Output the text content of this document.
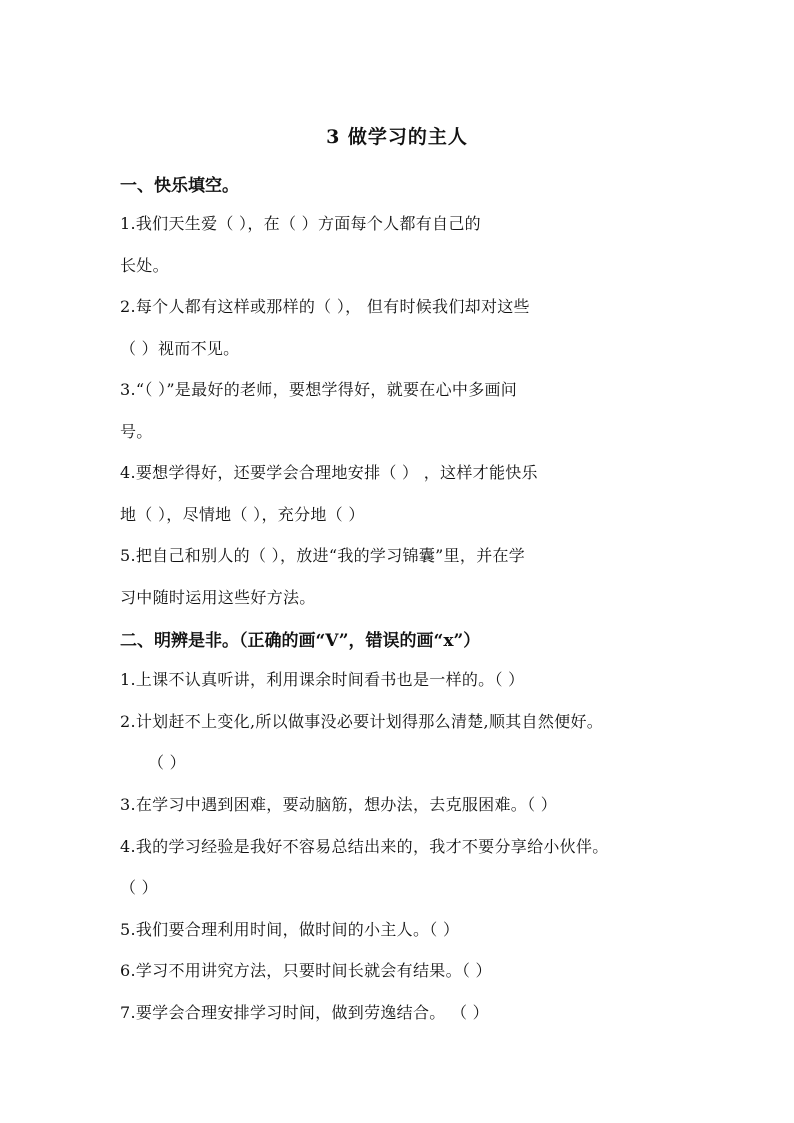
3 做学习的主人
一、快乐填空。
1.我们天生爱（ ），在（ ）方面每个人都有自己的
长处。
2.每个人都有这样或那样的（ ）， 但有时候我们却对这些
（ ）视而不见。
3.“（ ）”是最好的老师，要想学得好，就要在心中多画问
号。
4.要想学得好，还要学会合理地安排（ ） ，这样才能快乐
地（ ），尽情地（ ），充分地（ ）
5.把自己和别人的（ ），放进“我的学习锦囊”里，并在学
习中随时运用这些好方法。
二、明辨是非。（正确的画“V”，错误的画“x”）
1.上课不认真听讲，利用课余时间看书也是一样的。（ ）
2.计划赶不上变化,所以做事没必要计划得那么清楚,顺其自然便好。
（ ）
3.在学习中遇到困难，要动脑筋，想办法，去克服困难。（ ）
4.我的学习经验是我好不容易总结出来的，我才不要分享给小伙伴。
（ ）
5.我们要合理利用时间，做时间的小主人。（ ）
6.学习不用讲究方法，只要时间长就会有结果。（ ）
7.要学会合理安排学习时间，做到劳逸结合。 （ ）
